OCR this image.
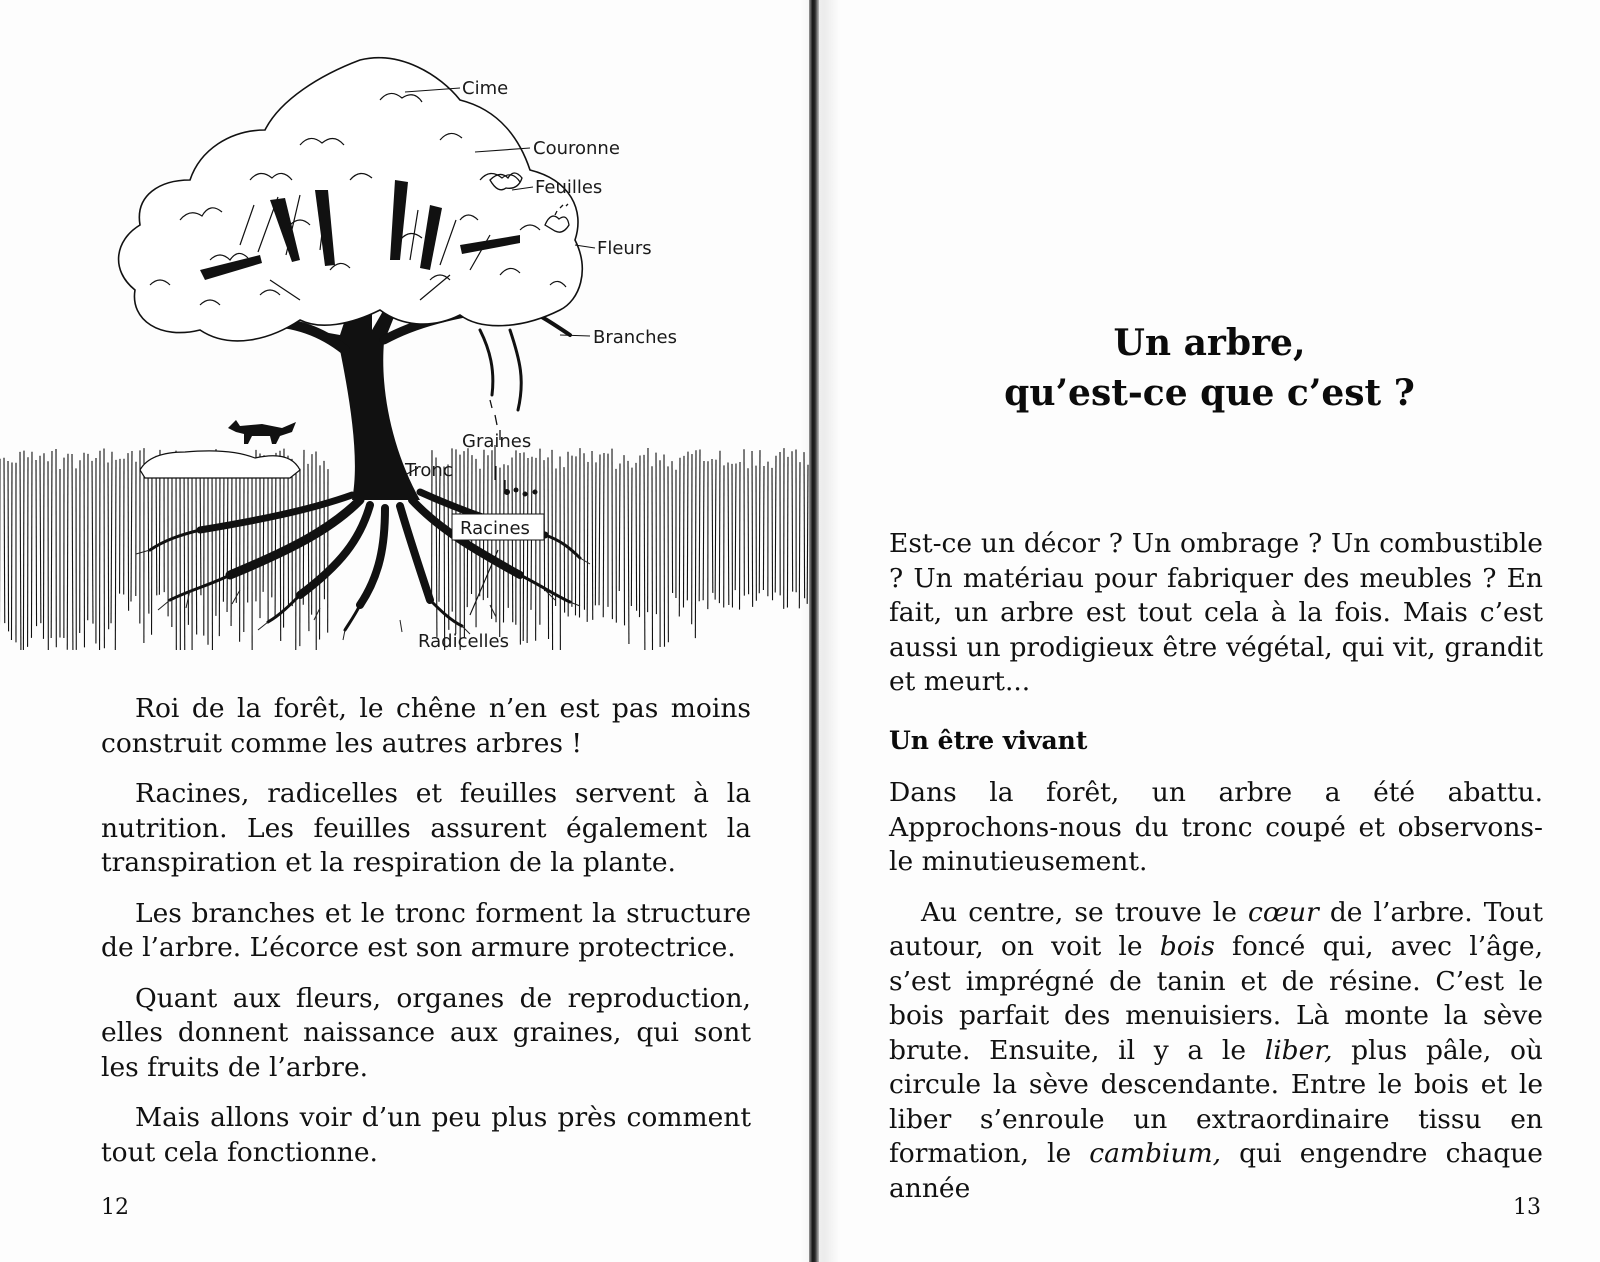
Cime
Couronne
Feuilles
Fleurs
Branches
Graines
Tronc
Racines
Radicelles

Roi de la forêt, le chêne n’en est pas moins construit comme les autres arbres !

Racines, radicelles et feuilles servent à la nutrition. Les feuilles assurent également la transpiration et la respiration de la plante.

Les branches et le tronc forment la structure de l’arbre. L’écorce est son armure protectrice.

Quant aux fleurs, organes de reproduction, elles donnent naissance aux graines, qui sont les fruits de l’arbre.

Mais allons voir d’un peu plus près comment tout cela fonctionne.

12
Un arbre,
qu’est-ce que c’est ?

Est-ce un décor ? Un ombrage ? Un combustible ? Un matériau pour fabriquer des meubles ? En fait, un arbre est tout cela à la fois. Mais c’est aussi un prodigieux être végétal, qui vit, grandit et meurt...

Un être vivant

Dans la forêt, un arbre a été abattu. Approchons-nous du tronc coupé et observons-le minutieusement.

Au centre, se trouve le cœur de l’arbre. Tout autour, on voit le bois foncé qui, avec l’âge, s’est imprégné de tanin et de résine. C’est le bois parfait des menuisiers. Là monte la sève brute. Ensuite, il y a le liber, plus pâle, où circule la sève descendante. Entre le bois et le liber s’enroule un extraordinaire tissu en formation, le cambium, qui engendre chaque année

13
